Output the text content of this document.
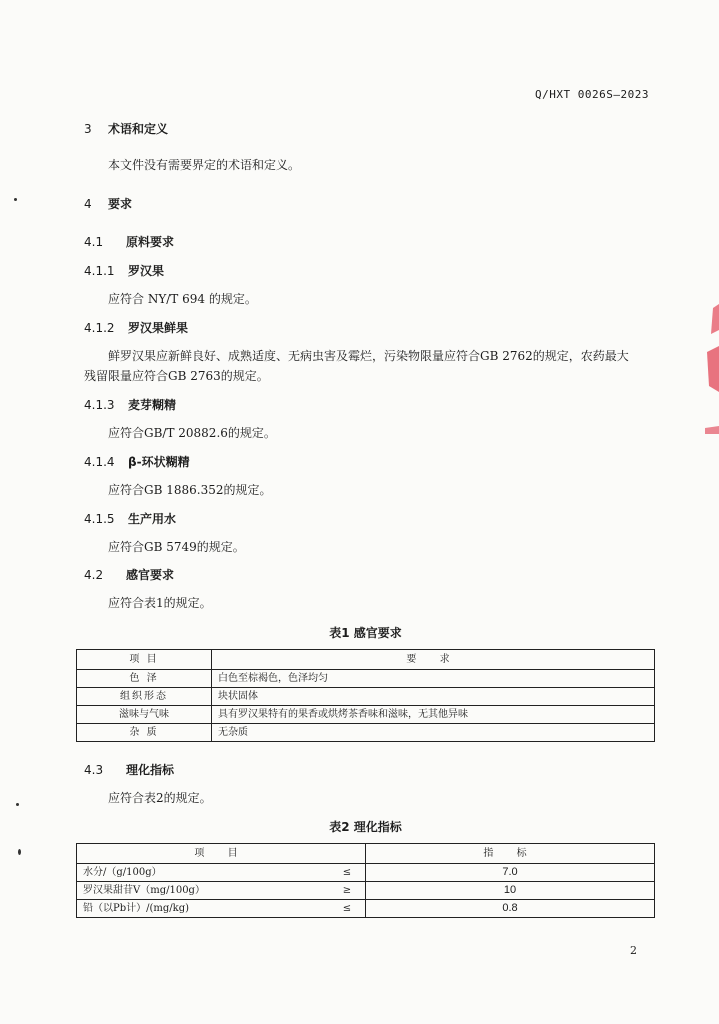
Q/HXT 0026S—2023
3 术语和定义
本文件没有需要界定的术语和定义。
4 要求
4.1 原料要求
4.1.1 罗汉果
应符合 NY/T 694 的规定。
4.1.2 罗汉果鲜果
鲜罗汉果应新鲜良好、成熟适度、无病虫害及霉烂，污染物限量应符合GB 2762的规定，农药最大
残留限量应符合GB 2763的规定。
4.1.3 麦芽糊精
应符合GB/T 20882.6的规定。
4.1.4 β-环状糊精
应符合GB 1886.352的规定。
4.1.5 生产用水
应符合GB 5749的规定。
4.2 感官要求
应符合表1的规定。
表1 感官要求
项 目	要 求
色 泽	白色至棕褐色，色泽均匀
组织形态	块状固体
滋味与气味	具有罗汉果特有的果香或烘烤茶香味和滋味，无其他异味
杂 质	无杂质
4.3 理化指标
应符合表2的规定。
表2 理化指标
项 目		指 标
水分/（g/100g）	≤	7.0
罗汉果甜苷V（mg/100g）	≥	10
铅（以Pb计）/(mg/kg)	≤	0.8
2
